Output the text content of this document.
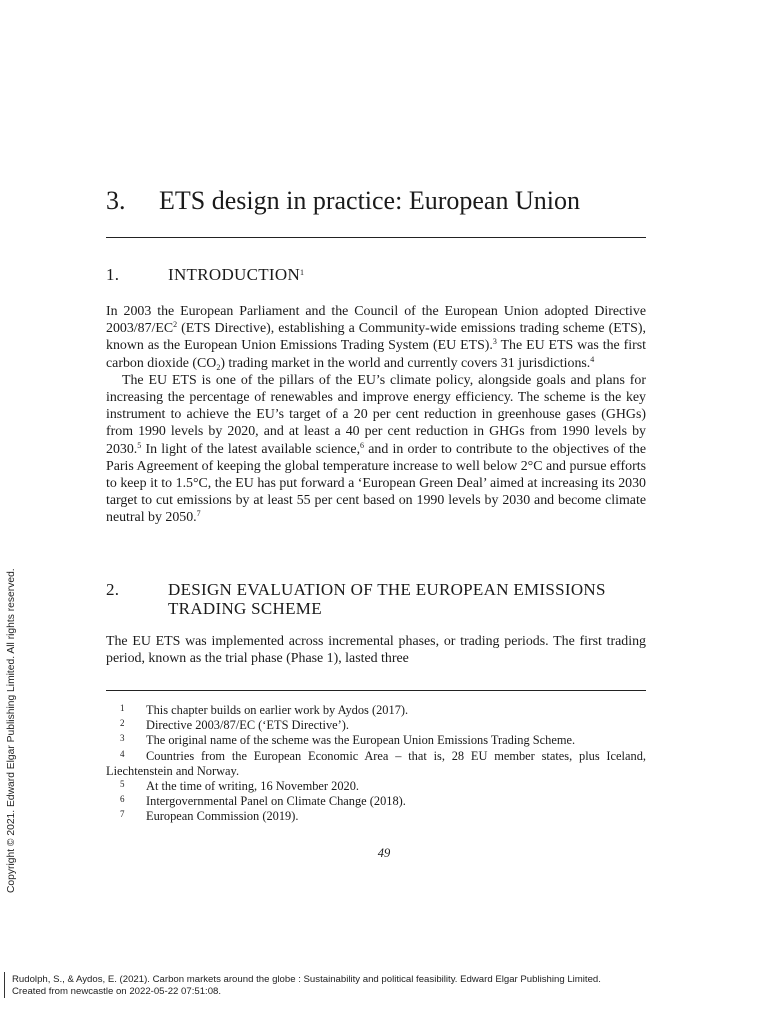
3. ETS design in practice: European Union
1.	INTRODUCTION$^1$

In 2003 the European Parliament and the Council of the European Union adopted Directive $2003/87/EC^2$ (ETS Directive), establishing a Community-wide emissions trading scheme (ETS), known as the European Union Emissions Trading System (EU ETS).$^3$ The EU ETS was the first carbon dioxide $(CO_2)$ trading market in the world and currently covers 31 jurisdictions.$^4$

The EU ETS is one of the pillars of the EU’s climate policy, alongside goals and plans for increasing the percentage of renewables and improve energy efficiency. The scheme is the key instrument to achieve the EU’s target of a 20 per cent reduction in greenhouse gases (GHGs) from 1990 levels by 2020, and at least a 40 per cent reduction in GHGs from 1990 levels by 2030.$^5$ In light of the latest available science,$^6$ and in order to contribute to the objectives of the Paris Agreement of keeping the global temperature increase to well below 2°C and pursue efforts to keep it to 1.5°C, the EU has put forward a ‘European Green Deal’ aimed at increasing its 2030 target to cut emissions by at least 55 per cent based on 1990 levels by 2030 and become climate neutral by 2050.$^7$

2.	DESIGN EVALUATION OF THE EUROPEAN EMISSIONS TRADING SCHEME

The EU ETS was implemented across incremental phases, or trading periods. The first trading period, known as the trial phase (Phase 1), lasted three

1 This chapter builds on earlier work by Aydos (2017).

2 Directive 2003/87/EC (‘ETS Directive’).

3 The original name of the scheme was the European Union Emissions Trading Scheme.

4 Countries from the European Economic Area – that is, 28 EU member states, plus Iceland, Liechtenstein and Norway.

5 At the time of writing, 16 November 2020.

6 Intergovernmental Panel on Climate Change (2018).

7 European Commission (2019).

49
Copyright © 2021. Edward Elgar Publishing Limited. All rights reserved.
Rudolph, S., & Aydos, E. (2021). Carbon markets around the globe : Sustainability and political feasibility. Edward Elgar Publishing Limited.
Created from newcastle on 2022-05-22 07:51:08.
